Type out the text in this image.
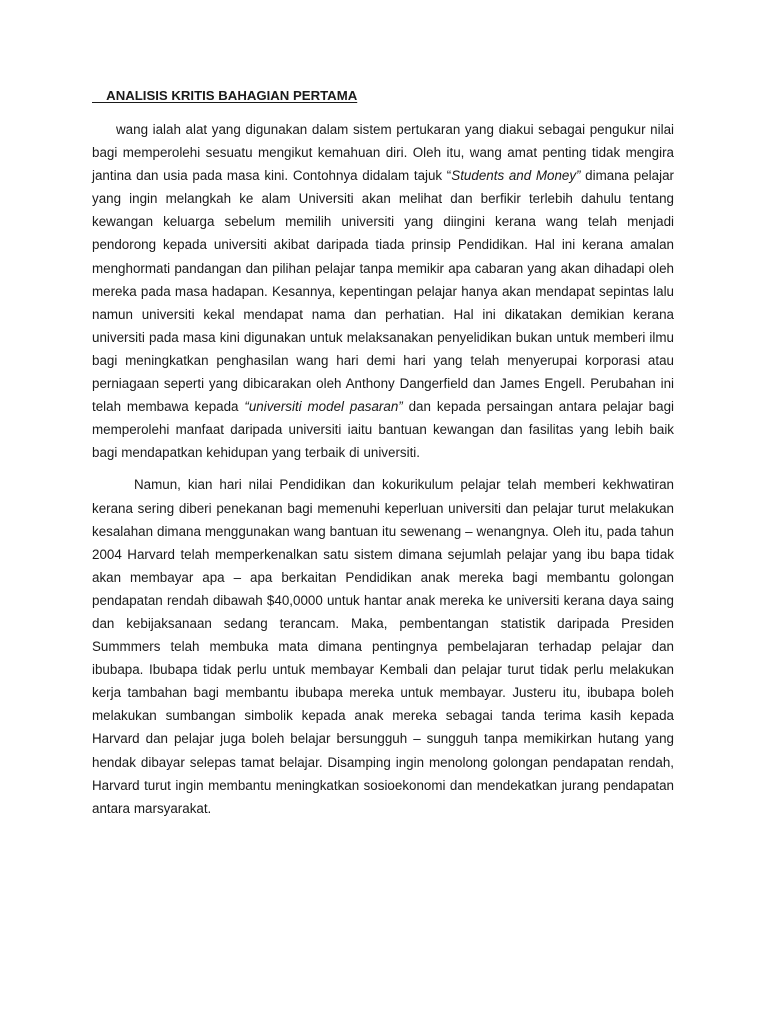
ANALISIS KRITIS BAHAGIAN PERTAMA

wang ialah alat yang digunakan dalam sistem pertukaran yang diakui sebagai pengukur nilai bagi memperolehi sesuatu mengikut kemahuan diri. Oleh itu, wang amat penting tidak mengira jantina dan usia pada masa kini. Contohnya didalam tajuk “Students and Money” dimana pelajar yang ingin melangkah ke alam Universiti akan melihat dan berfikir terlebih dahulu tentang kewangan keluarga sebelum memilih universiti yang diingini kerana wang telah menjadi pendorong kepada universiti akibat daripada tiada prinsip Pendidikan. Hal ini kerana amalan menghormati pandangan dan pilihan pelajar tanpa memikir apa cabaran yang akan dihadapi oleh mereka pada masa hadapan. Kesannya, kepentingan pelajar hanya akan mendapat sepintas lalu namun universiti kekal mendapat nama dan perhatian. Hal ini dikatakan demikian kerana universiti pada masa kini digunakan untuk melaksanakan penyelidikan bukan untuk memberi ilmu bagi meningkatkan penghasilan wang hari demi hari yang telah menyerupai korporasi atau perniagaan seperti yang dibicarakan oleh Anthony Dangerfield dan James Engell. Perubahan ini telah membawa kepada “universiti model pasaran” dan kepada persaingan antara pelajar bagi memperolehi manfaat daripada universiti iaitu bantuan kewangan dan fasilitas yang lebih baik bagi mendapatkan kehidupan yang terbaik di universiti.

Namun, kian hari nilai Pendidikan dan kokurikulum pelajar telah memberi kekhwatiran kerana sering diberi penekanan bagi memenuhi keperluan universiti dan pelajar turut melakukan kesalahan dimana menggunakan wang bantuan itu sewenang – wenangnya. Oleh itu, pada tahun 2004 Harvard telah memperkenalkan satu sistem dimana sejumlah pelajar yang ibu bapa tidak akan membayar apa – apa berkaitan Pendidikan anak mereka bagi membantu golongan pendapatan rendah dibawah $40,0000 untuk hantar anak mereka ke universiti kerana daya saing dan kebijaksanaan sedang terancam. Maka, pembentangan statistik daripada Presiden Summmers telah membuka mata dimana pentingnya pembelajaran terhadap pelajar dan ibubapa. Ibubapa tidak perlu untuk membayar Kembali dan pelajar turut tidak perlu melakukan kerja tambahan bagi membantu ibubapa mereka untuk membayar. Justeru itu, ibubapa boleh melakukan sumbangan simbolik kepada anak mereka sebagai tanda terima kasih kepada Harvard dan pelajar juga boleh belajar bersungguh – sungguh tanpa memikirkan hutang yang hendak dibayar selepas tamat belajar. Disamping ingin menolong golongan pendapatan rendah, Harvard turut ingin membantu meningkatkan sosioekonomi dan mendekatkan jurang pendapatan antara marsyarakat.
